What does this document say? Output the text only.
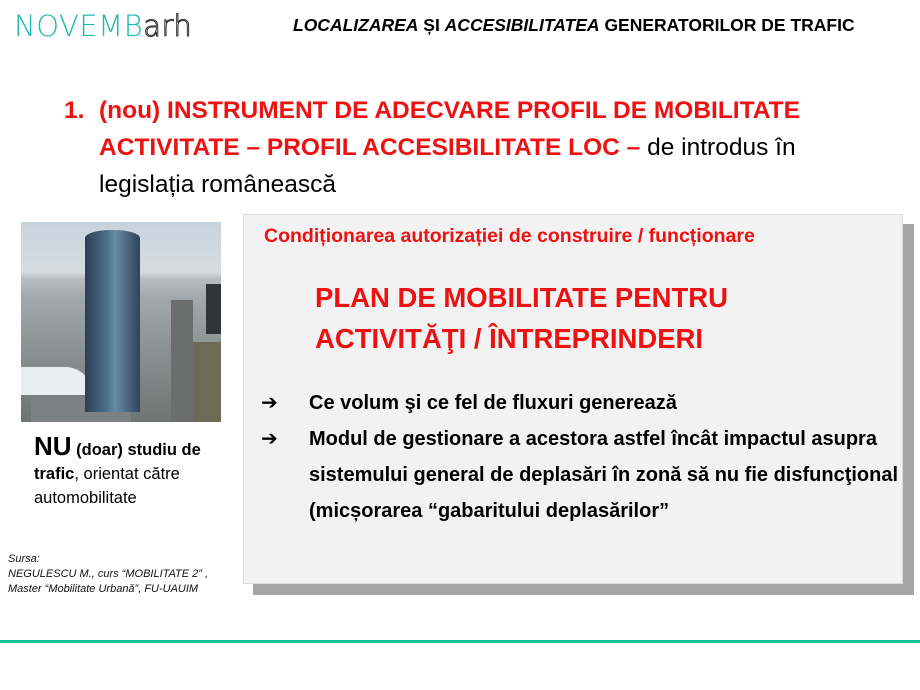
NOVEMBarh	LOCALIZAREA ȘI ACCESIBILITATEA GENERATORILOR DE TRAFIC
1. (nou) INSTRUMENT DE ADECVARE PROFIL DE MOBILITATE ACTIVITATE – PROFIL ACCESIBILITATE LOC – de introdus în legislația românească
NU (doar) studiu de trafic, orientat către automobilitate
Sursa:
NEGULESCU M., curs “MOBILITATE 2” ,
Master “Mobilitate Urbană”, FU-UAUIM
Condiționarea autorizației de construire / funcționare
PLAN DE MOBILITATE PENTRU
ACTIVITĂŢI / ÎNTREPRINDERI
➔ Ce volum şi ce fel de fluxuri generează
➔ Modul de gestionare a acestora astfel încât impactul asupra sistemului general de deplasări în zonă să nu fie disfuncţional (micșorarea “gabaritului deplasărilor”
